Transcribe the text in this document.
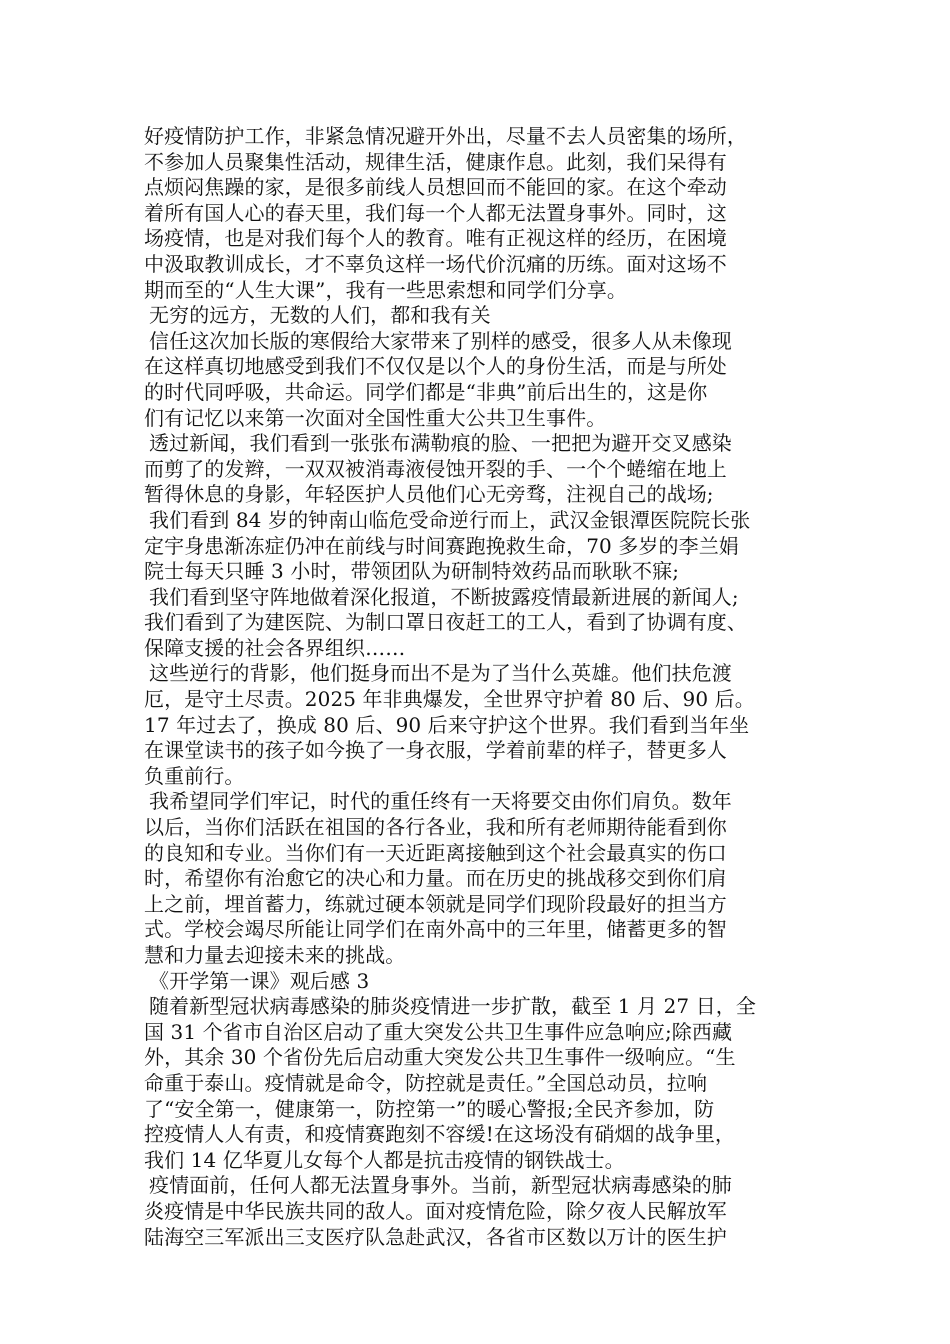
好疫情防护工作，非紧急情况避开外出，尽量不去人员密集的场所，
不参加人员聚集性活动，规律生活，健康作息。此刻，我们呆得有
点烦闷焦躁的家，是很多前线人员想回而不能回的家。在这个牵动
着所有国人心的春天里，我们每一个人都无法置身事外。同时，这
场疫情，也是对我们每个人的教育。唯有正视这样的经历，在困境
中汲取教训成长，才不辜负这样一场代价沉痛的历练。面对这场不
期而至的“人生大课”，我有一些思索想和同学们分享。
无穷的远方，无数的人们，都和我有关
信任这次加长版的寒假给大家带来了别样的感受，很多人从未像现
在这样真切地感受到我们不仅仅是以个人的身份生活，而是与所处
的时代同呼吸，共命运。同学们都是“非典”前后出生的，这是你
们有记忆以来第一次面对全国性重大公共卫生事件。
透过新闻，我们看到一张张布满勒痕的脸、一把把为避开交叉感染
而剪了的发辫，一双双被消毒液侵蚀开裂的手、一个个蜷缩在地上
暂得休息的身影，年轻医护人员他们心无旁骛，注视自己的战场;
我们看到 84 岁的钟南山临危受命逆行而上，武汉金银潭医院院长张
定宇身患渐冻症仍冲在前线与时间赛跑挽救生命，70 多岁的李兰娟
院士每天只睡 3 小时，带领团队为研制特效药品而耿耿不寐;
我们看到坚守阵地做着深化报道，不断披露疫情最新进展的新闻人;
我们看到了为建医院、为制口罩日夜赶工的工人，看到了协调有度、
保障支援的社会各界组织……
这些逆行的背影，他们挺身而出不是为了当什么英雄。他们扶危渡
厄，是守土尽责。2025 年非典爆发，全世界守护着 80 后、90 后。
17 年过去了，换成 80 后、90 后来守护这个世界。我们看到当年坐
在课堂读书的孩子如今换了一身衣服，学着前辈的样子，替更多人
负重前行。
我希望同学们牢记，时代的重任终有一天将要交由你们肩负。数年
以后，当你们活跃在祖国的各行各业，我和所有老师期待能看到你
的良知和专业。当你们有一天近距离接触到这个社会最真实的伤口
时，希望你有治愈它的决心和力量。而在历史的挑战移交到你们肩
上之前，埋首蓄力，练就过硬本领就是同学们现阶段最好的担当方
式。学校会竭尽所能让同学们在南外高中的三年里，储蓄更多的智
慧和力量去迎接未来的挑战。
《开学第一课》观后感 3
随着新型冠状病毒感染的肺炎疫情进一步扩散，截至 1 月 27 日，全
国 31 个省市自治区启动了重大突发公共卫生事件应急响应;除西藏
外，其余 30 个省份先后启动重大突发公共卫生事件一级响应。“生
命重于泰山。疫情就是命令，防控就是责任。”全国总动员，拉响
了“安全第一，健康第一，防控第一”的暖心警报;全民齐参加，防
控疫情人人有责，和疫情赛跑刻不容缓!在这场没有硝烟的战争里，
我们 14 亿华夏儿女每个人都是抗击疫情的钢铁战士。
疫情面前，任何人都无法置身事外。当前，新型冠状病毒感染的肺
炎疫情是中华民族共同的敌人。面对疫情危险，除夕夜人民解放军
陆海空三军派出三支医疗队急赴武汉，各省市区数以万计的医生护
